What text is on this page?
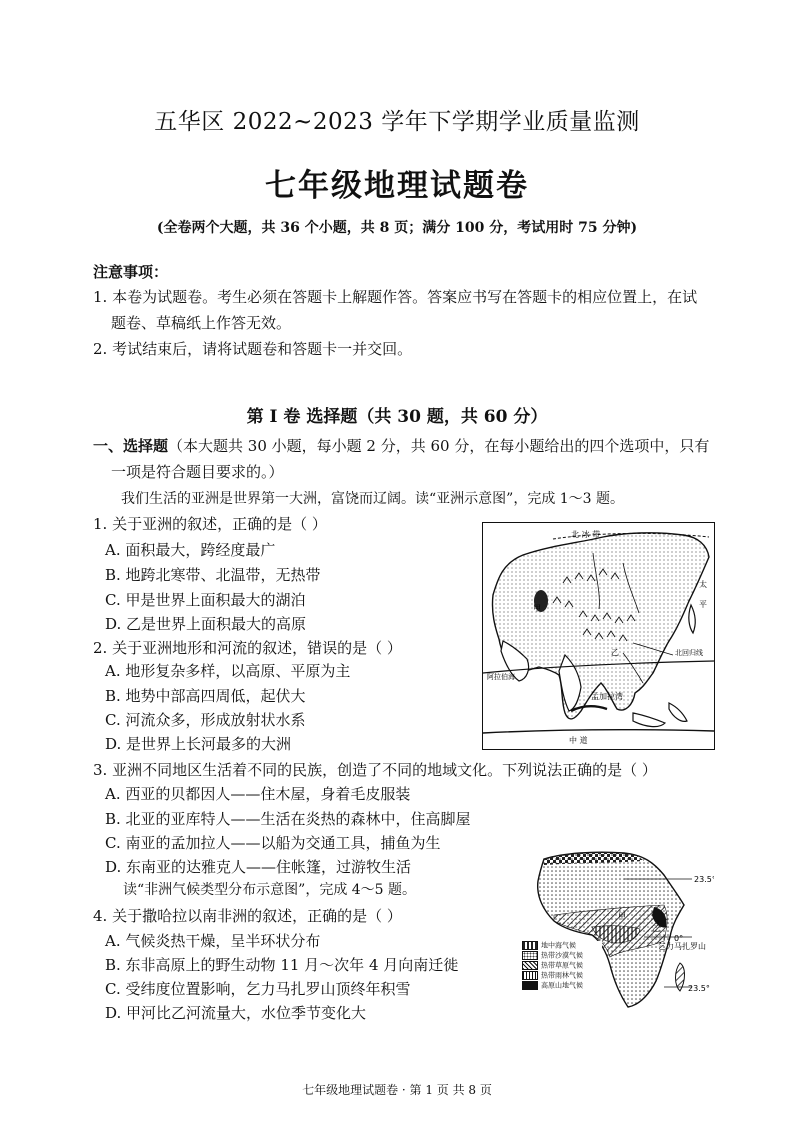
五华区 2022~2023 学年下学期学业质量监测
七年级地理试题卷
(全卷两个大题，共 36 个小题，共 8 页；满分 100 分，考试用时 75 分钟)
注意事项：
1. 本卷为试题卷。考生必须在答题卡上解题作答。答案应书写在答题卡的相应位置上，在试
题卷、草稿纸上作答无效。
2. 考试结束后，请将试题卷和答题卡一并交回。
第 I 卷 选择题（共 30 题，共 60 分）
一、选择题（本大题共 30 小题，每小题 2 分，共 60 分，在每小题给出的四个选项中，只有
一项是符合题目要求的。）
我们生活的亚洲是世界第一大洲，富饶而辽阔。读“亚洲示意图”，完成 1～3 题。
1. 关于亚洲的叙述，正确的是（ ）
A. 面积最大，跨经度最广
B. 地跨北寒带、北温带，无热带
C. 甲是世界上面积最大的湖泊
D. 乙是世界上面积最大的高原
2. 关于亚洲地形和河流的叙述，错误的是（ ）
A. 地形复杂多样，以高原、平原为主
B. 地势中部高四周低，起伏大
C. 河流众多，形成放射状水系
D. 是世界上长河最多的大洲
3. 亚洲不同地区生活着不同的民族，创造了不同的地域文化。下列说法正确的是（ ）
A. 西亚的贝都因人——住木屋，身着毛皮服装
B. 北亚的亚库特人——生活在炎热的森林中，住高脚屋
C. 南亚的孟加拉人——以船为交通工具，捕鱼为生
D. 东南亚的达雅克人——住帐篷，过游牧生活
读“非洲气候类型分布示意图”，完成 4～5 题。
4. 关于撒哈拉以南非洲的叙述，正确的是（ ）
A. 气候炎热干燥，呈半环状分布
B. 东非高原上的野生动物 11 月～次年 4 月向南迁徙
C. 受纬度位置影响，乞力马扎罗山顶终年积雪
D. 甲河比乙河流量大，水位季节变化大
北 冰 带
北回归线
孟加拉湾
中 道
甲
乙
阿拉伯海
太
平
23.5°
0°
23.5°
乞力马扎罗山
甲
乙
地中海气候
热带沙漠气候
热带草原气候
热带雨林气候
高原山地气候
七年级地理试题卷 · 第 1 页 共 8 页
